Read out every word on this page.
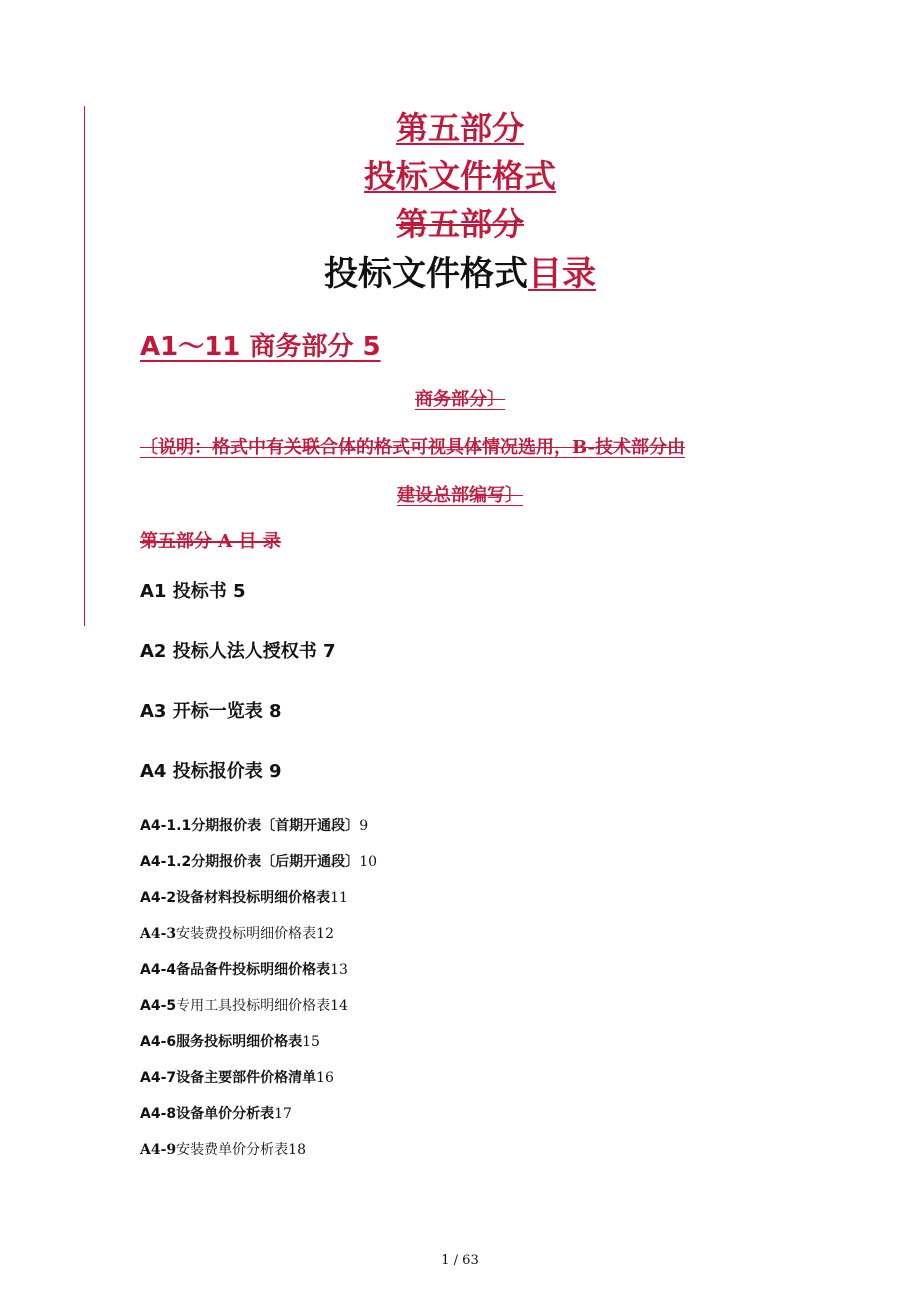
第五部分
投标文件格式
第五部分
投标文件格式目录
A1～11 商务部分 5
商务部分〕
〔说明：格式中有关联合体的格式可视具体情况选用，B-技术部分由
建设总部编写〕
第五部分 A 目 录
A1 投标书 5
A2 投标人法人授权书 7
A3 开标一览表 8
A4 投标报价表 9
A4-1.1分期报价表〔首期开通段〕9
A4-1.2分期报价表〔后期开通段〕10
A4-2设备材料投标明细价格表11
A4-3安装费投标明细价格表12
A4-4备品备件投标明细价格表13
A4-5专用工具投标明细价格表14
A4-6服务投标明细价格表15
A4-7设备主要部件价格清单16
A4-8设备单价分析表17
A4-9安装费单价分析表18
1 / 63
